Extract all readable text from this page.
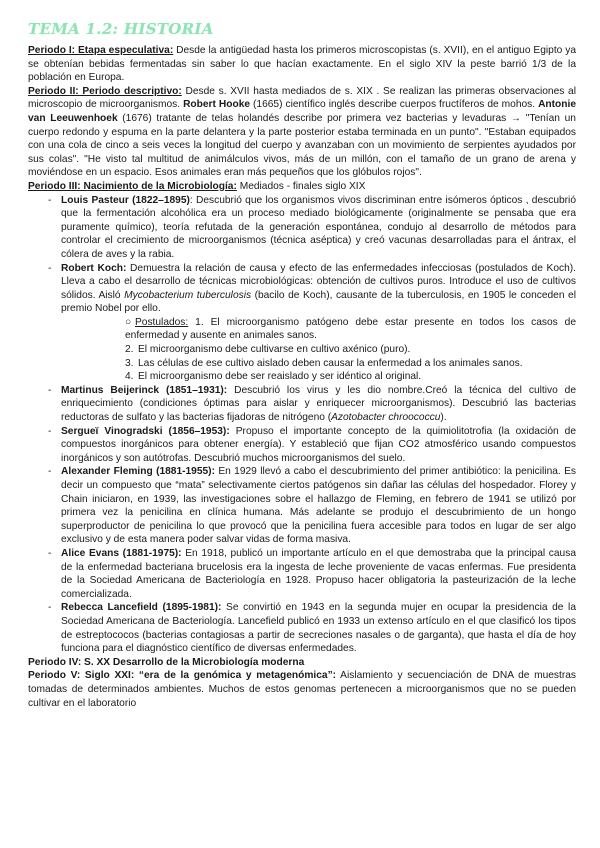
TEMA 1.2: HISTORIA

Periodo I: Etapa especulativa: Desde la antigüedad hasta los primeros microscopistas (s. XVII), en el antiguo Egipto ya se obtenían bebidas fermentadas sin saber lo que hacían exactamente. En el siglo XIV la peste barrió 1/3 de la población en Europa.

Periodo II: Periodo descriptivo: Desde s. XVII hasta mediados de s. XIX . Se realizan las primeras observaciones al microscopio de microorganismos. Robert Hooke (1665) científico inglés describe cuerpos fructíferos de mohos. Antonie van Leeuwenhoek (1676) tratante de telas holandés describe por primera vez bacterias y levaduras → "Tenían un cuerpo redondo y espuma en la parte delantera y la parte posterior estaba terminada en un punto". "Estaban equipados con una cola de cinco a seis veces la longitud del cuerpo y avanzaban con un movimiento de serpientes ayudados por sus colas". "He visto tal multitud de animálculos vivos, más de un millón, con el tamaño de un grano de arena y moviéndose en un espacio. Esos animales eran más pequeños que los glóbulos rojos".

Periodo III: Nacimiento de la Microbiología: Mediados - finales siglo XIX

- Louis Pasteur (1822–1895): Descubrió que los organismos vivos discriminan entre isómeros ópticos , descubrió que la fermentación alcohólica era un proceso mediado biológicamente (originalmente se pensaba que era puramente químico), teoría refutada de la generación espontánea, condujo al desarrollo de métodos para controlar el crecimiento de microorganismos (técnica aséptica) y creó vacunas desarrolladas para el ántrax, el cólera de aves y la rabia.
- Robert Koch: Demuestra la relación de causa y efecto de las enfermedades infecciosas (postulados de Koch). Lleva a cabo el desarrollo de técnicas microbiológicas: obtención de cultivos puros. Introduce el uso de cultivos sólidos. Aisló Mycobacterium tuberculosis (bacilo de Koch), causante de la tuberculosis, en 1905 le conceden el premio Nobel por ello.
○ Postulados: 1. El microorganismo patógeno debe estar presente en todos los casos de enfermedad y ausente en animales sanos.
2. El microorganismo debe cultivarse en cultivo axénico (puro).
3. Las células de ese cultivo aislado deben causar la enfermedad a los animales sanos.
4. El microorganismo debe ser reaislado y ser idéntico al original.
- Martinus Beijerinck (1851–1931): Descubrió los virus y les dio nombre.Creó la técnica del cultivo de enriquecimiento (condiciones óptimas para aislar y enriquecer microorganismos). Descubrió las bacterias reductoras de sulfato y las bacterias fijadoras de nitrógeno (Azotobacter chroococcu).
- Sergueï Vinogradski (1856–1953): Propuso el importante concepto de la quimiolitotrofia (la oxidación de compuestos inorgánicos para obtener energía). Y estableció que fijan CO2 atmosférico usando compuestos inorgánicos y son autótrofas. Descubrió muchos microorganismos del suelo.
- Alexander Fleming (1881-1955): En 1929 llevó a cabo el descubrimiento del primer antibiótico: la penicilina. Es decir un compuesto que “mata” selectivamente ciertos patógenos sin dañar las células del hospedador. Florey y Chain iniciaron, en 1939, las investigaciones sobre el hallazgo de Fleming, en febrero de 1941 se utilizó por primera vez la penicilina en clínica humana. Más adelante se produjo el descubrimiento de un hongo superproductor de penicilina lo que provocó que la penicilina fuera accesible para todos en lugar de ser algo exclusivo y de esta manera poder salvar vidas de forma masiva.
- Alice Evans (1881-1975): En 1918, publicó un importante artículo en el que demostraba que la principal causa de la enfermedad bacteriana brucelosis era la ingesta de leche proveniente de vacas enfermas. Fue presidenta de la Sociedad Americana de Bacteriología en 1928. Propuso hacer obligatoria la pasteurización de la leche comercializada.
- Rebecca Lancefield (1895-1981): Se convirtió en 1943 en la segunda mujer en ocupar la presidencia de la Sociedad Americana de Bacteriología. Lancefield publicó en 1933 un extenso artículo en el que clasificó los tipos de estreptococos (bacterias contagiosas a partir de secreciones nasales o de garganta), que hasta el día de hoy funciona para el diagnóstico científico de diversas enfermedades.

Periodo IV: S. XX Desarrollo de la Microbiología moderna

Periodo V: Siglo XXI: “era de la genómica y metagenómica”: Aislamiento y secuenciación de DNA de muestras tomadas de determinados ambientes. Muchos de estos genomas pertenecen a microorganismos que no se pueden cultivar en el laboratorio
